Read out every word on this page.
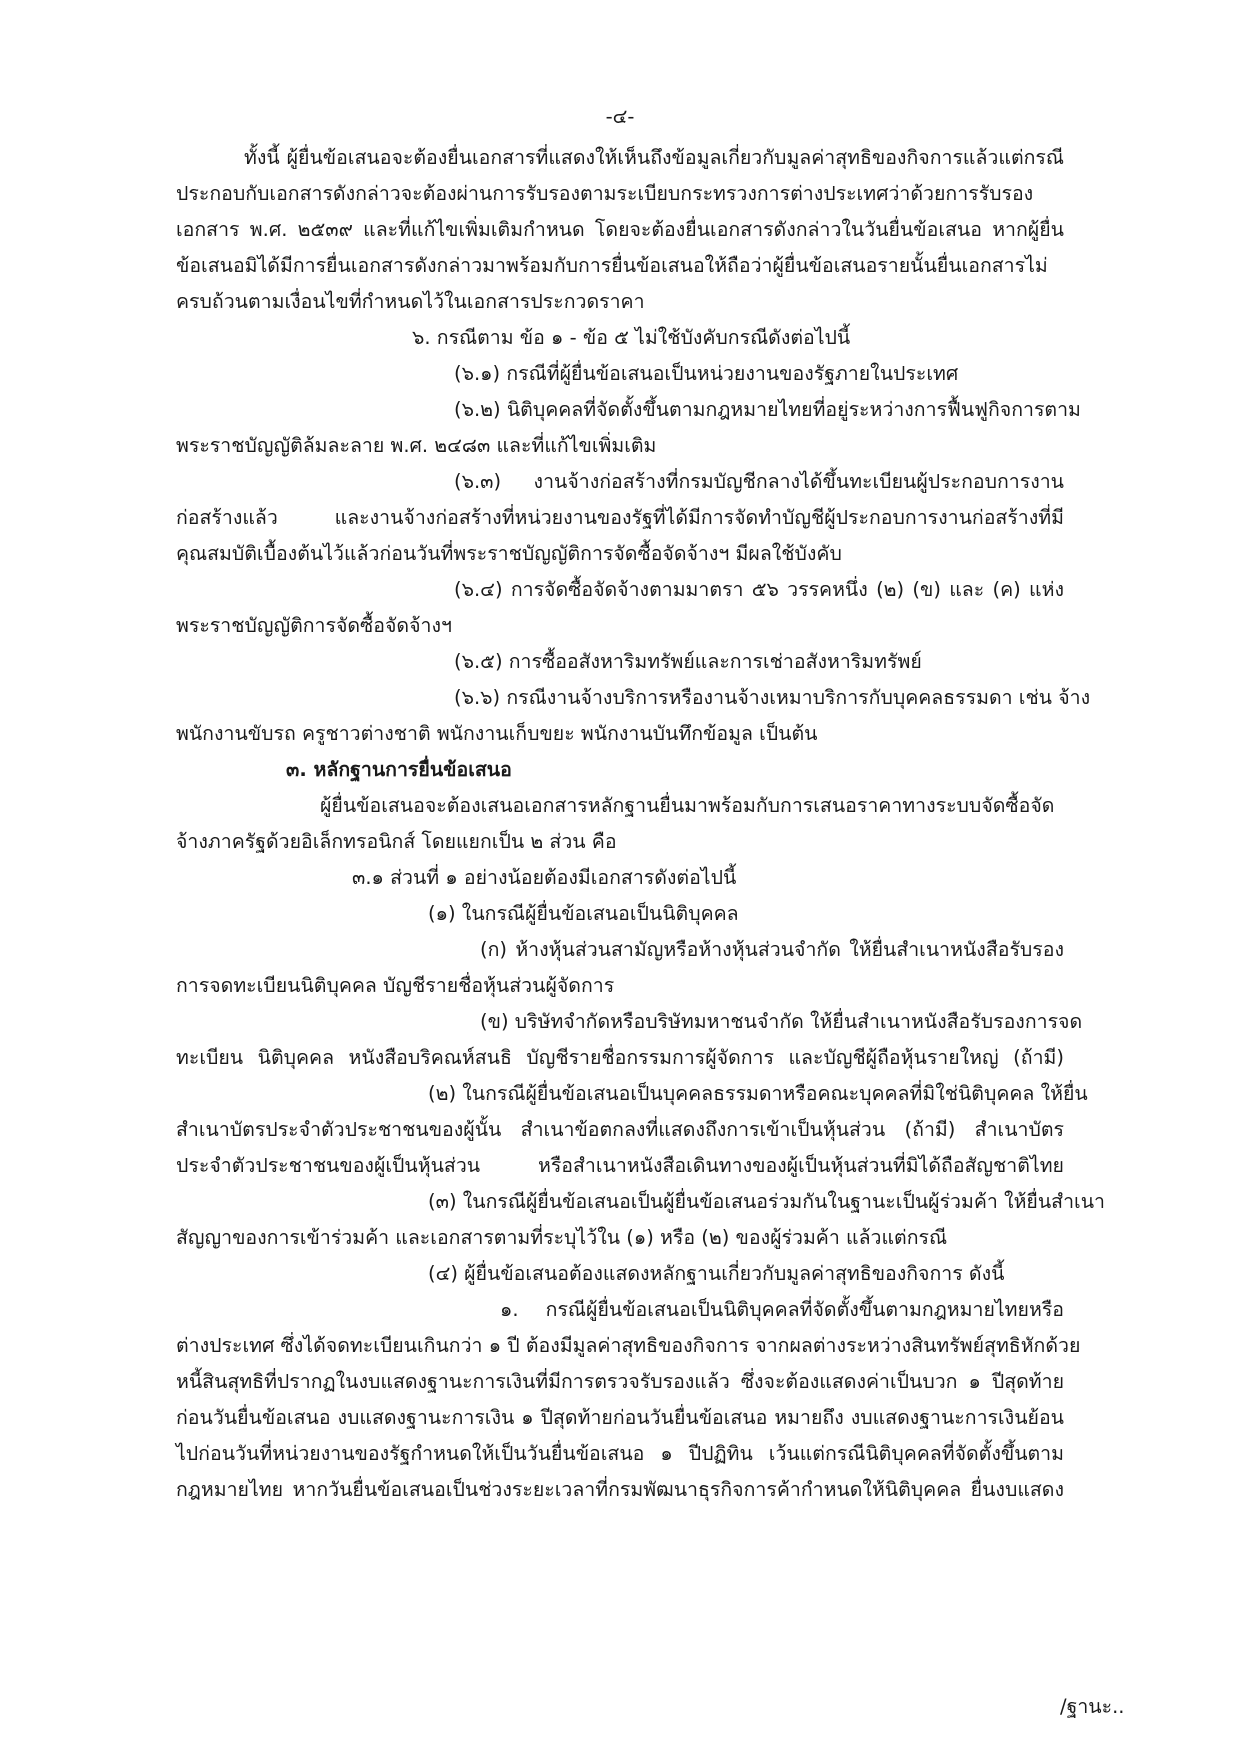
-๔-
ทั้งนี้ ผู้ยื่นข้อเสนอจะต้องยื่นเอกสารที่แสดงให้เห็นถึงข้อมูลเกี่ยวกับมูลค่าสุทธิของกิจการแล้วแต่กรณี
ประกอบกับเอกสารดังกล่าวจะต้องผ่านการรับรองตามระเบียบกระทรวงการต่างประเทศว่าด้วยการรับรอง
เอกสาร พ.ศ. ๒๕๓๙ และที่แก้ไขเพิ่มเติมกำหนด โดยจะต้องยื่นเอกสารดังกล่าวในวันยื่นข้อเสนอ หากผู้ยื่น
ข้อเสนอมิได้มีการยื่นเอกสารดังกล่าวมาพร้อมกับการยื่นข้อเสนอให้ถือว่าผู้ยื่นข้อเสนอรายนั้นยื่นเอกสารไม่
ครบถ้วนตามเงื่อนไขที่กำหนดไว้ในเอกสารประกวดราคา
๖. กรณีตาม ข้อ ๑ - ข้อ ๕ ไม่ใช้บังคับกรณีดังต่อไปนี้
(๖.๑) กรณีที่ผู้ยื่นข้อเสนอเป็นหน่วยงานของรัฐภายในประเทศ
(๖.๒) นิติบุคคลที่จัดตั้งขึ้นตามกฎหมายไทยที่อยู่ระหว่างการฟื้นฟูกิจการตาม
พระราชบัญญัติล้มละลาย พ.ศ. ๒๔๘๓ และที่แก้ไขเพิ่มเติม
(๖.๓) งานจ้างก่อสร้างที่กรมบัญชีกลางได้ขึ้นทะเบียนผู้ประกอบการงาน
ก่อสร้างแล้ว และงานจ้างก่อสร้างที่หน่วยงานของรัฐที่ได้มีการจัดทำบัญชีผู้ประกอบการงานก่อสร้างที่มี
คุณสมบัติเบื้องต้นไว้แล้วก่อนวันที่พระราชบัญญัติการจัดซื้อจัดจ้างฯ มีผลใช้บังคับ
(๖.๔) การจัดซื้อจัดจ้างตามมาตรา ๕๖ วรรคหนึ่ง (๒) (ข) และ (ค) แห่ง
พระราชบัญญัติการจัดซื้อจัดจ้างฯ
(๖.๕) การซื้ออสังหาริมทรัพย์และการเช่าอสังหาริมทรัพย์
(๖.๖) กรณีงานจ้างบริการหรืองานจ้างเหมาบริการกับบุคคลธรรมดา เช่น จ้าง
พนักงานขับรถ ครูชาวต่างชาติ พนักงานเก็บขยะ พนักงานบันทึกข้อมูล เป็นต้น
๓. หลักฐานการยื่นข้อเสนอ
ผู้ยื่นข้อเสนอจะต้องเสนอเอกสารหลักฐานยื่นมาพร้อมกับการเสนอราคาทางระบบจัดซื้อจัด
จ้างภาครัฐด้วยอิเล็กทรอนิกส์ โดยแยกเป็น ๒ ส่วน คือ
๓.๑ ส่วนที่ ๑ อย่างน้อยต้องมีเอกสารดังต่อไปนี้
(๑) ในกรณีผู้ยื่นข้อเสนอเป็นนิติบุคคล
(ก) ห้างหุ้นส่วนสามัญหรือห้างหุ้นส่วนจำกัด ให้ยื่นสำเนาหนังสือรับรอง
การจดทะเบียนนิติบุคคล บัญชีรายชื่อหุ้นส่วนผู้จัดการ
(ข) บริษัทจำกัดหรือบริษัทมหาชนจำกัด ให้ยื่นสำเนาหนังสือรับรองการจด
ทะเบียน นิติบุคคล หนังสือบริคณห์สนธิ บัญชีรายชื่อกรรมการผู้จัดการ และบัญชีผู้ถือหุ้นรายใหญ่ (ถ้ามี)
(๒) ในกรณีผู้ยื่นข้อเสนอเป็นบุคคลธรรมดาหรือคณะบุคคลที่มิใช่นิติบุคคล ให้ยื่น
สำเนาบัตรประจำตัวประชาชนของผู้นั้น สำเนาข้อตกลงที่แสดงถึงการเข้าเป็นหุ้นส่วน (ถ้ามี) สำเนาบัตร
ประจำตัวประชาชนของผู้เป็นหุ้นส่วน หรือสำเนาหนังสือเดินทางของผู้เป็นหุ้นส่วนที่มิได้ถือสัญชาติไทย
(๓) ในกรณีผู้ยื่นข้อเสนอเป็นผู้ยื่นข้อเสนอร่วมกันในฐานะเป็นผู้ร่วมค้า ให้ยื่นสำเนา
สัญญาของการเข้าร่วมค้า และเอกสารตามที่ระบุไว้ใน (๑) หรือ (๒) ของผู้ร่วมค้า แล้วแต่กรณี
(๔) ผู้ยื่นข้อเสนอต้องแสดงหลักฐานเกี่ยวกับมูลค่าสุทธิของกิจการ ดังนี้
๑. กรณีผู้ยื่นข้อเสนอเป็นนิติบุคคลที่จัดตั้งขึ้นตามกฎหมายไทยหรือ
ต่างประเทศ ซึ่งได้จดทะเบียนเกินกว่า ๑ ปี ต้องมีมูลค่าสุทธิของกิจการ จากผลต่างระหว่างสินทรัพย์สุทธิหักด้วย
หนี้สินสุทธิที่ปรากฏในงบแสดงฐานะการเงินที่มีการตรวจรับรองแล้ว ซึ่งจะต้องแสดงค่าเป็นบวก ๑ ปีสุดท้าย
ก่อนวันยื่นข้อเสนอ งบแสดงฐานะการเงิน ๑ ปีสุดท้ายก่อนวันยื่นข้อเสนอ หมายถึง งบแสดงฐานะการเงินย้อน
ไปก่อนวันที่หน่วยงานของรัฐกำหนดให้เป็นวันยื่นข้อเสนอ ๑ ปีปฏิทิน เว้นแต่กรณีนิติบุคคลที่จัดตั้งขึ้นตาม
กฎหมายไทย หากวันยื่นข้อเสนอเป็นช่วงระยะเวลาที่กรมพัฒนาธุรกิจการค้ากำหนดให้นิติบุคคล ยื่นงบแสดง
/ฐานะ..
